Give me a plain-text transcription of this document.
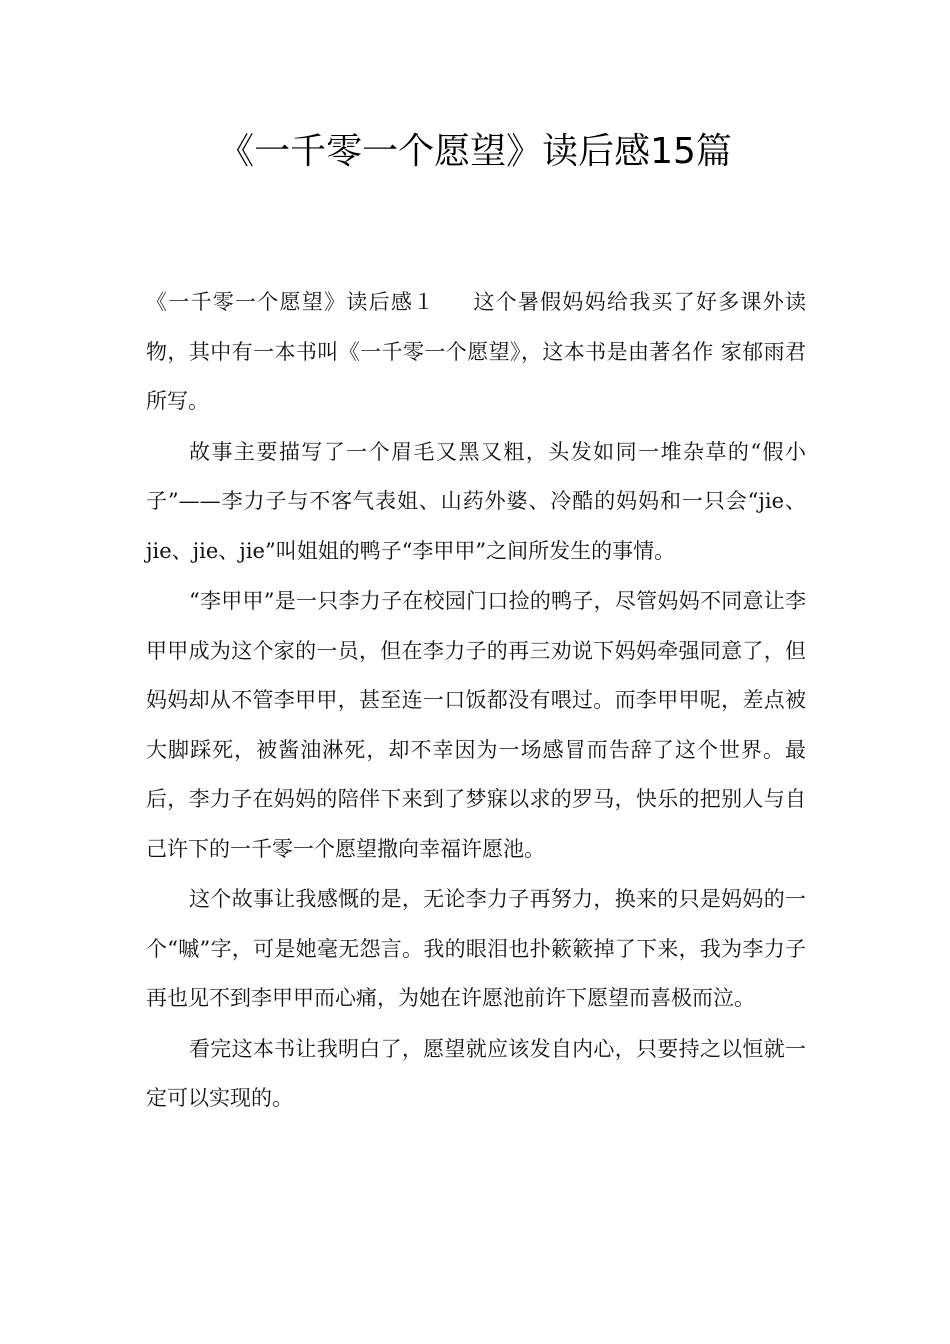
《一千零一个愿望》读后感15篇

《一千零一个愿望》读后感１ 这个暑假妈妈给我买了好多课外读物，其中有一本书叫《一千零一个愿望》，这本书是由著名作 家郁雨君所写。

故事主要描写了一个眉毛又黑又粗，头发如同一堆杂草的“假小子”——李力子与不客气表姐、山药外婆、冷酷的妈妈和一只会“jie、jie、jie、jie”叫姐姐的鸭子“李甲甲”之间所发生的事情。

“李甲甲”是一只李力子在校园门口捡的鸭子，尽管妈妈不同意让李甲甲成为这个家的一员，但在李力子的再三劝说下妈妈牵强同意了，但妈妈却从不管李甲甲，甚至连一口饭都没有喂过。而李甲甲呢，差点被大脚踩死，被酱油淋死，却不幸因为一场感冒而告辞了这个世界。最后，李力子在妈妈的陪伴下来到了梦寐以求的罗马，快乐的把别人与自己许下的一千零一个愿望撒向幸福许愿池。

这个故事让我感慨的是，无论李力子再努力，换来的只是妈妈的一个“嘁”字，可是她毫无怨言。我的眼泪也扑簌簌掉了下来，我为李力子再也见不到李甲甲而心痛，为她在许愿池前许下愿望而喜极而泣。

看完这本书让我明白了，愿望就应该发自内心，只要持之以恒就一定可以实现的。
